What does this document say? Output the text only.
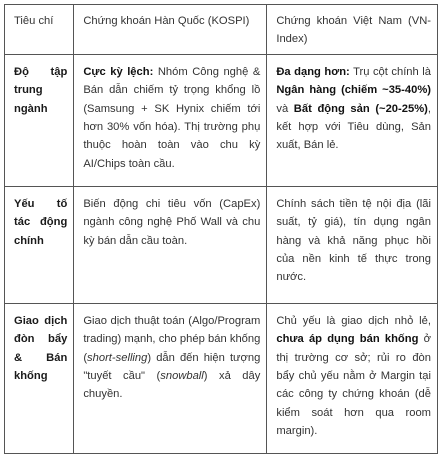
Tiêu chí	Chứng khoán Hàn Quốc (KOSPI)	Chứng khoán Việt Nam (VN-Index)
Độ tập trung ngành	Cực kỳ lệch: Nhóm Công nghệ & Bán dẫn chiếm tỷ trọng khổng lồ (Samsung + SK Hynix chiếm tới hơn 30% vốn hóa). Thị trường phụ thuộc hoàn toàn vào chu kỳ AI/Chips toàn cầu.	Đa dạng hơn: Trụ cột chính là Ngân hàng (chiếm ~35-40%) và Bất động sản (~20-25%), kết hợp với Tiêu dùng, Sản xuất, Bán lẻ.
Yếu tố tác động chính	Biến động chi tiêu vốn (CapEx) ngành công nghệ Phố Wall và chu kỳ bán dẫn cầu toàn.	Chính sách tiền tệ nội địa (lãi suất, tỷ giá), tín dụng ngân hàng và khả năng phục hồi của nền kinh tế thực trong nước.
Giao dịch đòn bẩy & Bán khống	Giao dịch thuật toán (Algo/Program trading) mạnh, cho phép bán khống (short-selling) dẫn đến hiện tượng "tuyết cầu" (snowball) xả dây chuyền.	Chủ yếu là giao dịch nhỏ lẻ, chưa áp dụng bán khống ở thị trường cơ sở; rủi ro đòn bẩy chủ yếu nằm ở Margin tại các công ty chứng khoán (dễ kiểm soát hơn qua room margin).
